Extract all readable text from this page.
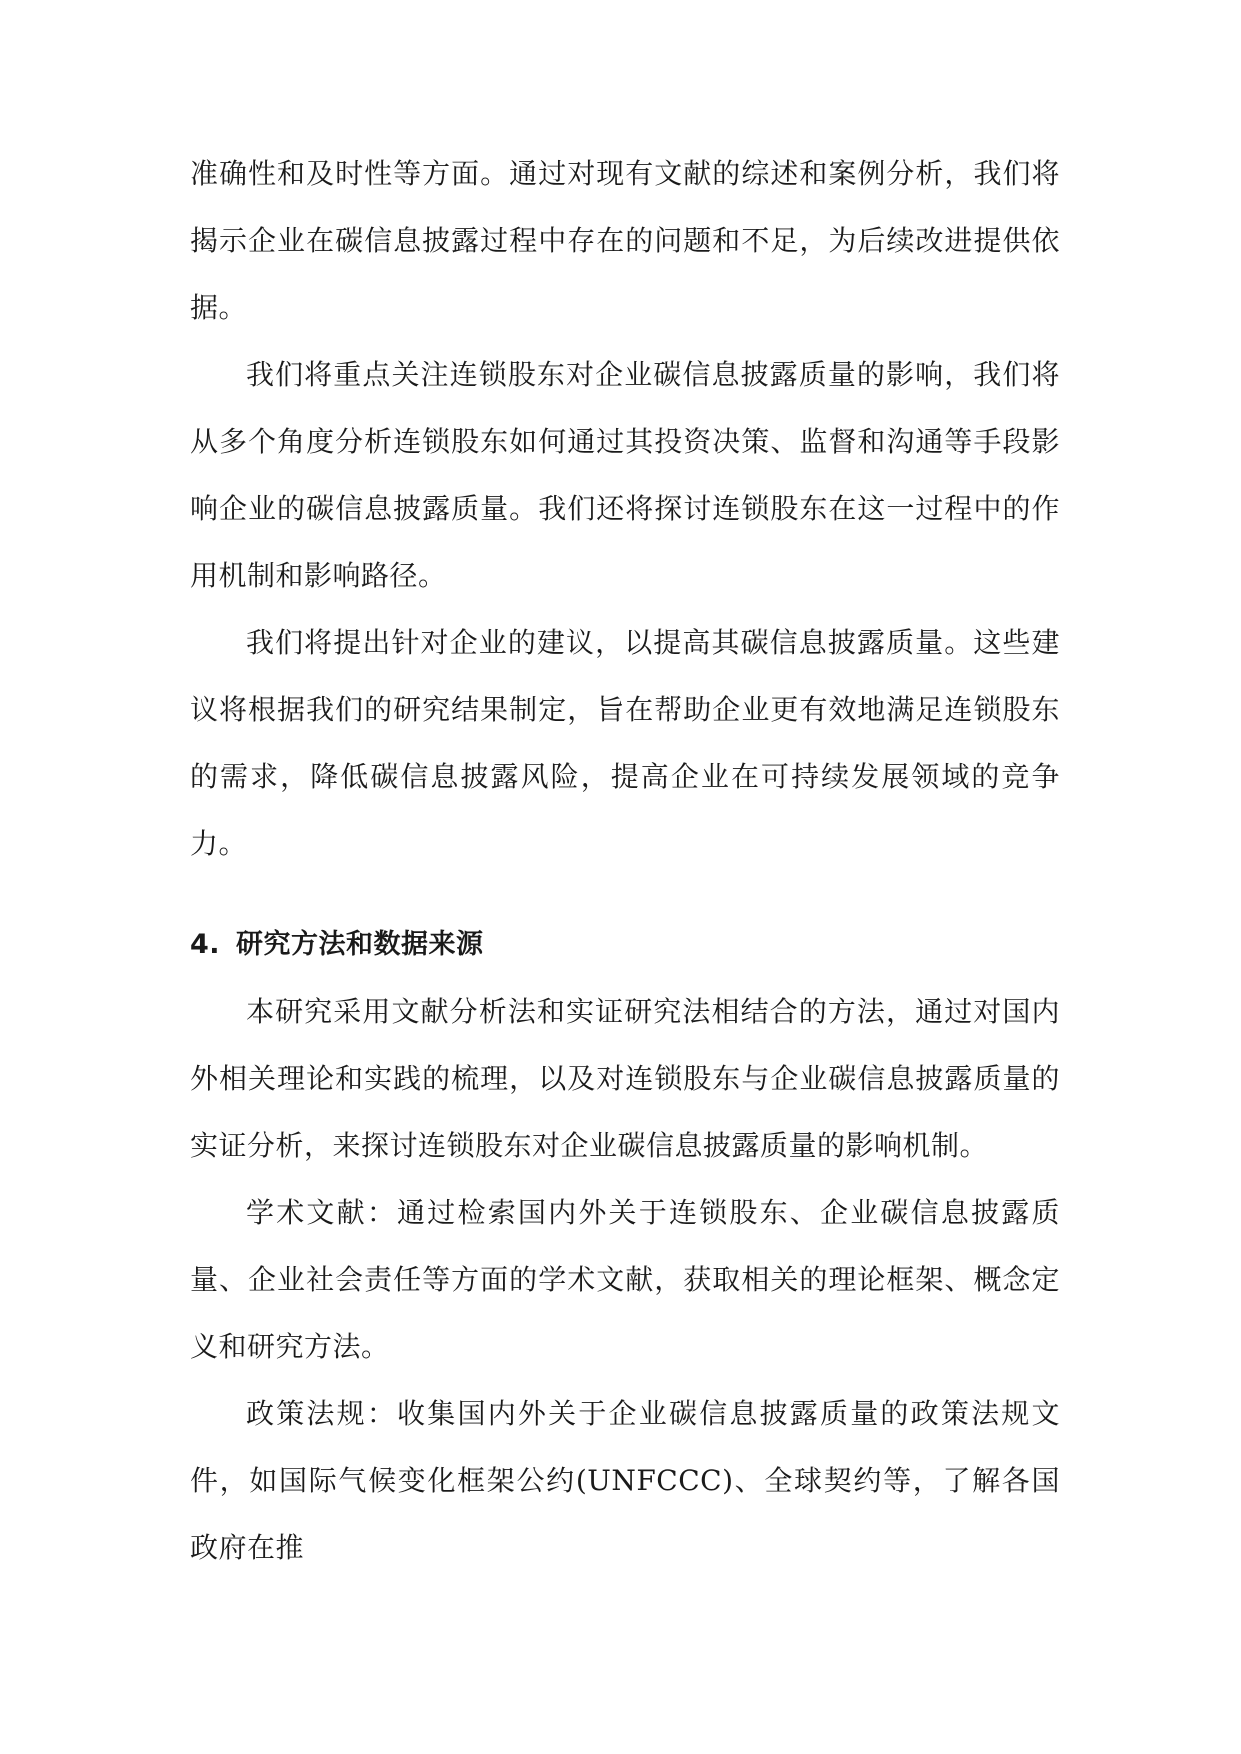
准确性和及时性等方面。通过对现有文献的综述和案例分析，我们将揭示企业在碳信息披露过程中存在的问题和不足，为后续改进提供依据。

我们将重点关注连锁股东对企业碳信息披露质量的影响，我们将从多个角度分析连锁股东如何通过其投资决策、监督和沟通等手段影响企业的碳信息披露质量。我们还将探讨连锁股东在这一过程中的作用机制和影响路径。

我们将提出针对企业的建议，以提高其碳信息披露质量。这些建议将根据我们的研究结果制定，旨在帮助企业更有效地满足连锁股东的需求，降低碳信息披露风险，提高企业在可持续发展领域的竞争力。

4. 研究方法和数据来源

本研究采用文献分析法和实证研究法相结合的方法，通过对国内外相关理论和实践的梳理，以及对连锁股东与企业碳信息披露质量的实证分析，来探讨连锁股东对企业碳信息披露质量的影响机制。

学术文献：通过检索国内外关于连锁股东、企业碳信息披露质量、企业社会责任等方面的学术文献，获取相关的理论框架、概念定义和研究方法。

政策法规：收集国内外关于企业碳信息披露质量的政策法规文件，如国际气候变化框架公约(UNFCCC)、全球契约等，了解各国政府在推
